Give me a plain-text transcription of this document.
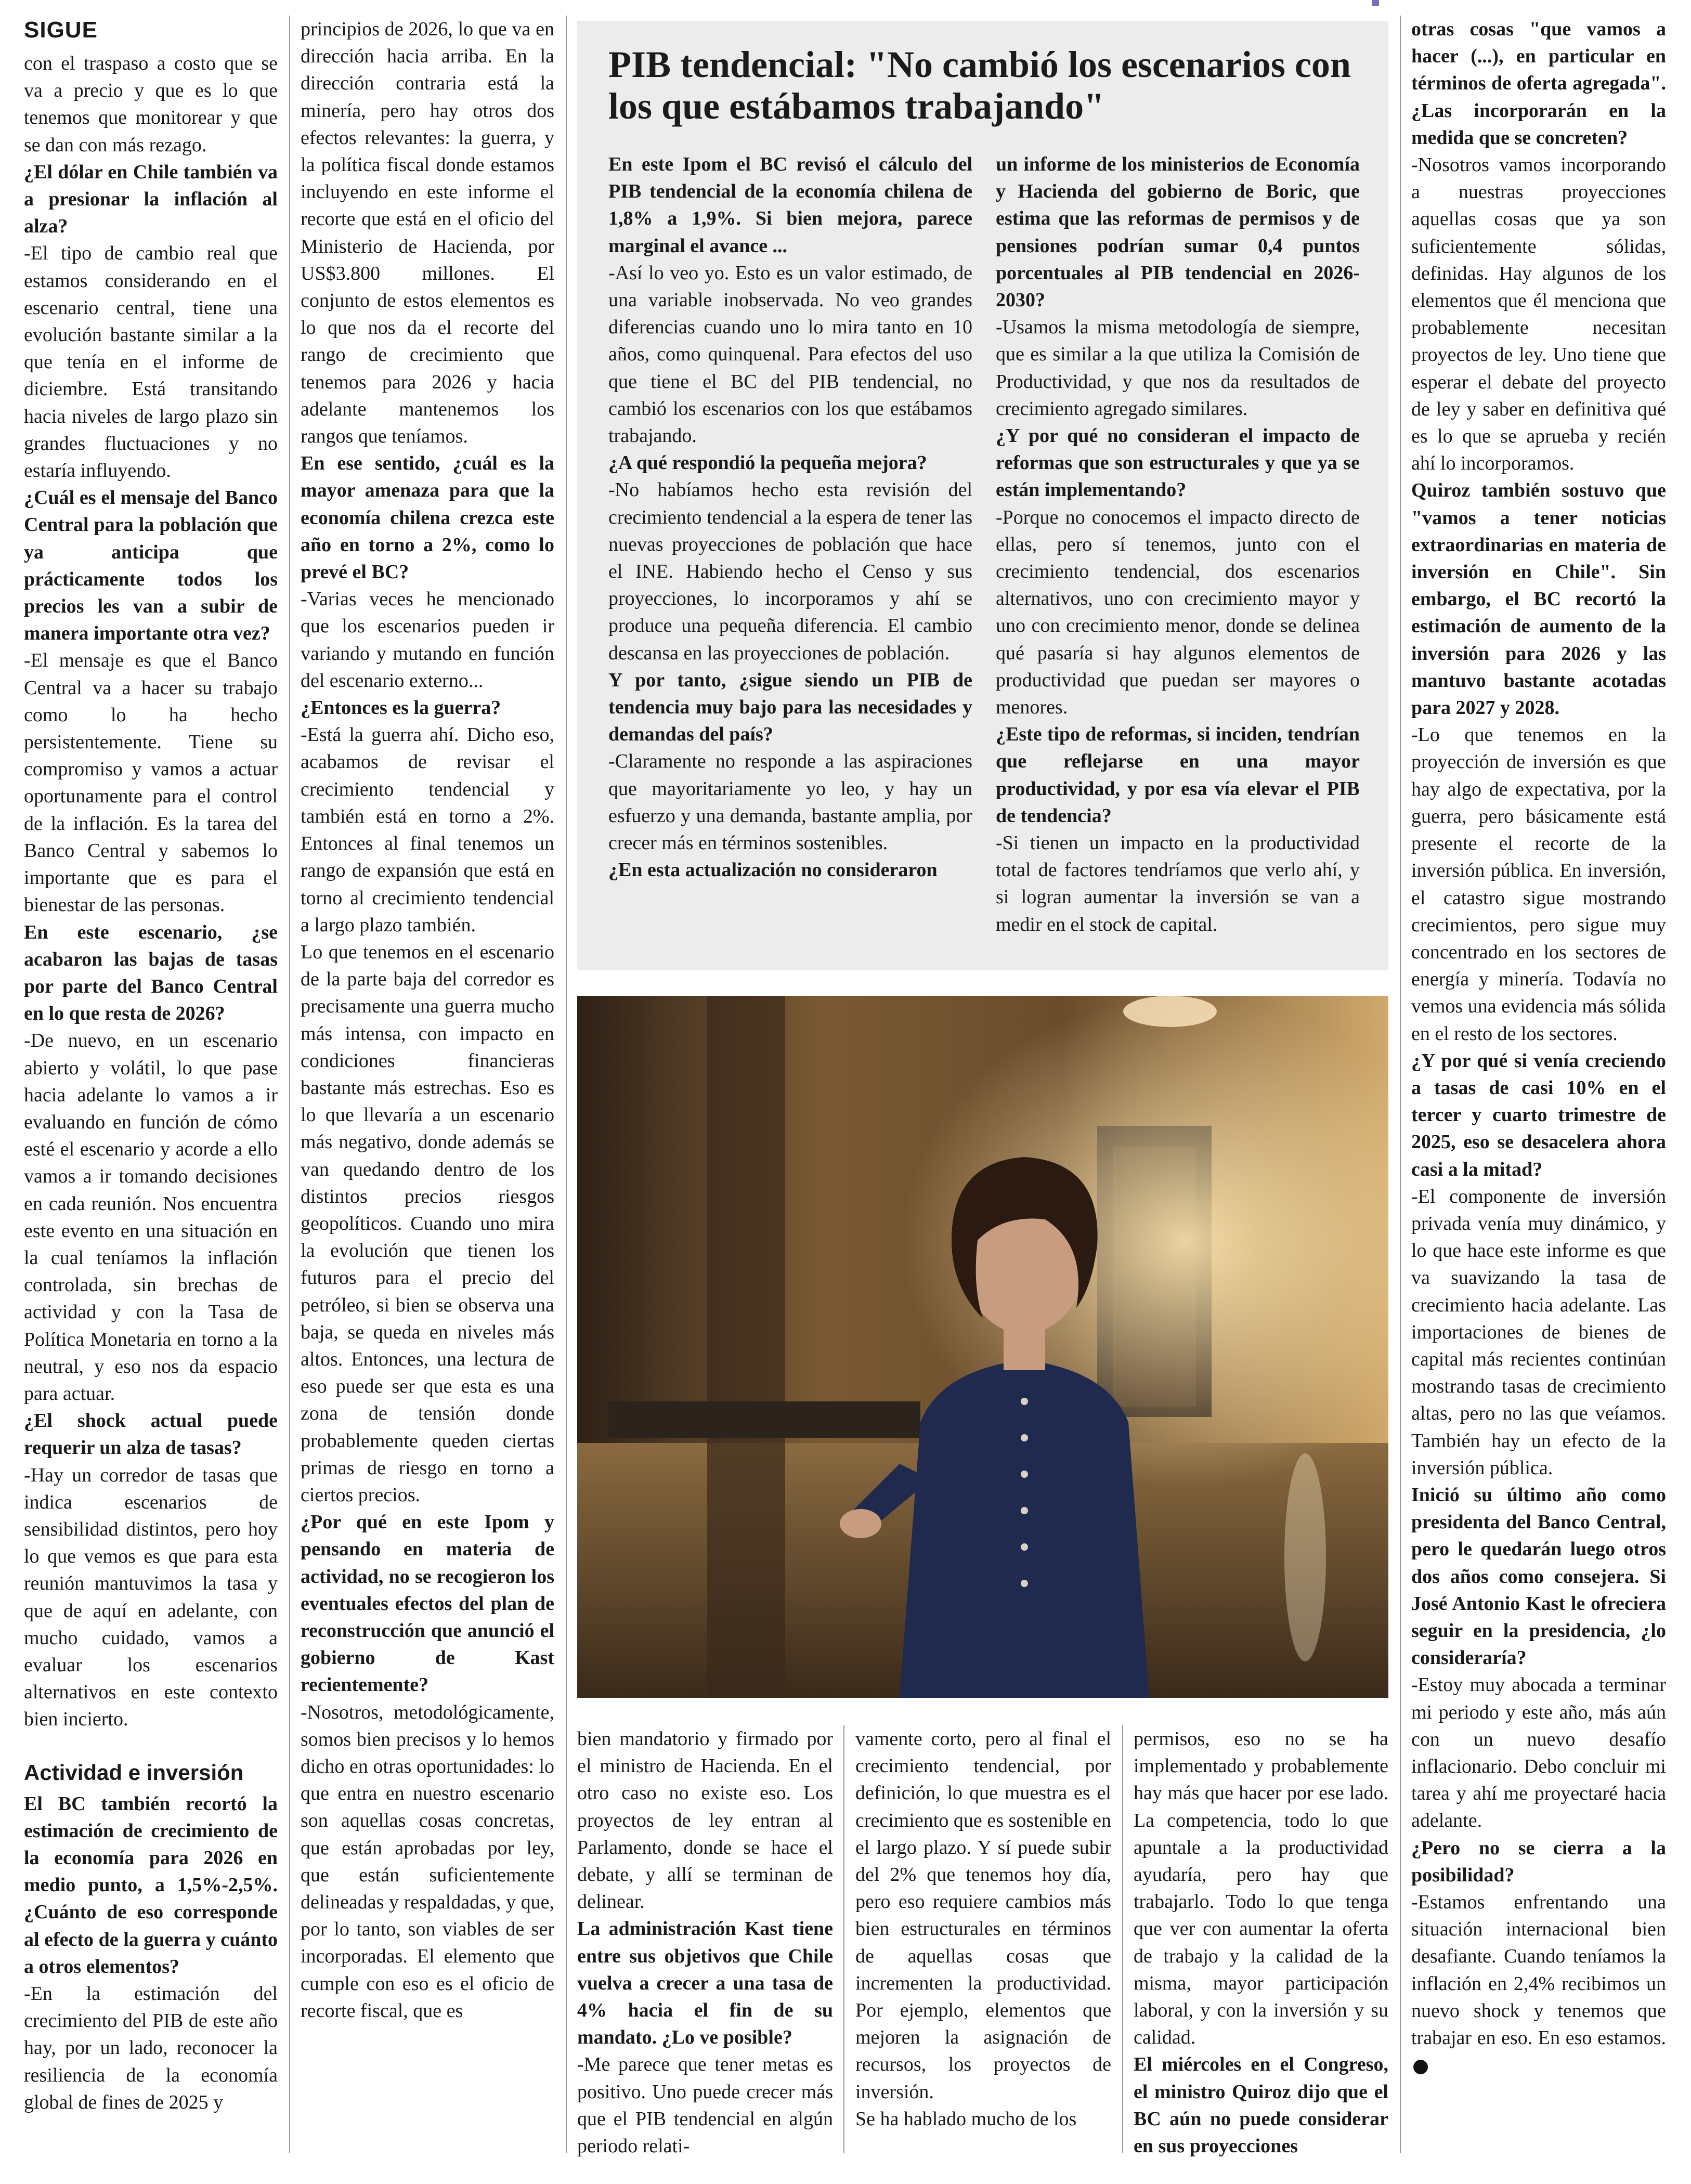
SIGUE

con el traspaso a costo que se va a precio y que es lo que tenemos que monitorear y que se dan con más rezago.

¿El dólar en Chile también va a presionar la inflación al alza?

-El tipo de cambio real que estamos considerando en el escenario central, tiene una evolución bastante similar a la que tenía en el informe de diciembre. Está transitando hacia niveles de largo plazo sin grandes fluctuaciones y no estaría influyendo.

¿Cuál es el mensaje del Banco Central para la población que ya anticipa que prácticamente todos los precios les van a subir de manera importante otra vez?

-El mensaje es que el Banco Central va a hacer su trabajo como lo ha hecho persistentemente. Tiene su compromiso y vamos a actuar oportunamente para el control de la inflación. Es la tarea del Banco Central y sabemos lo importante que es para el bienestar de las personas.

En este escenario, ¿se acabaron las bajas de tasas por parte del Banco Central en lo que resta de 2026?

-De nuevo, en un escenario abierto y volátil, lo que pase hacia adelante lo vamos a ir evaluando en función de cómo esté el escenario y acorde a ello vamos a ir tomando decisiones en cada reunión. Nos encuentra este evento en una situación en la cual teníamos la inflación controlada, sin brechas de actividad y con la Tasa de Política Monetaria en torno a la neutral, y eso nos da espacio para actuar.

¿El shock actual puede requerir un alza de tasas?

-Hay un corredor de tasas que indica escenarios de sensibilidad distintos, pero hoy lo que vemos es que para esta reunión mantuvimos la tasa y que de aquí en adelante, con mucho cuidado, vamos a evaluar los escenarios alternativos en este contexto bien incierto.

Actividad e inversión

El BC también recortó la estimación de crecimiento de la economía para 2026 en medio punto, a 1,5%-2,5%. ¿Cuánto de eso corresponde al efecto de la guerra y cuánto a otros elementos?

-En la estimación del crecimiento del PIB de este año hay, por un lado, reconocer la resiliencia de la economía global de fines de 2025 y

principios de 2026, lo que va en dirección hacia arriba. En la dirección contraria está la minería, pero hay otros dos efectos relevantes: la guerra, y la política fiscal donde estamos incluyendo en este informe el recorte que está en el oficio del Ministerio de Hacienda, por US$3.800 millones. El conjunto de estos elementos es lo que nos da el recorte del rango de crecimiento que tenemos para 2026 y hacia adelante mantenemos los rangos que teníamos.

En ese sentido, ¿cuál es la mayor amenaza para que la economía chilena crezca este año en torno a 2%, como lo prevé el BC?

-Varias veces he mencionado que los escenarios pueden ir variando y mutando en función del escenario externo...

¿Entonces es la guerra?

-Está la guerra ahí. Dicho eso, acabamos de revisar el crecimiento tendencial y también está en torno a 2%. Entonces al final tenemos un rango de expansión que está en torno al crecimiento tendencial a largo plazo también.

Lo que tenemos en el escenario de la parte baja del corredor es precisamente una guerra mucho más intensa, con impacto en condiciones financieras bastante más estrechas. Eso es lo que llevaría a un escenario más negativo, donde además se van quedando dentro de los distintos precios riesgos geopolíticos. Cuando uno mira la evolución que tienen los futuros para el precio del petróleo, si bien se observa una baja, se queda en niveles más altos. Entonces, una lectura de eso puede ser que esta es una zona de tensión donde probablemente queden ciertas primas de riesgo en torno a ciertos precios.

¿Por qué en este Ipom y pensando en materia de actividad, no se recogieron los eventuales efectos del plan de reconstrucción que anunció el gobierno de Kast recientemente?

-Nosotros, metodológicamente, somos bien precisos y lo hemos dicho en otras oportunidades: lo que entra en nuestro escenario son aquellas cosas concretas, que están aprobadas por ley, que están suficientemente delineadas y respaldadas, y que, por lo tanto, son viables de ser incorporadas. El elemento que cumple con eso es el oficio de recorte fiscal, que es

PIB tendencial: "No cambió los escenarios con los que estábamos trabajando"

En este Ipom el BC revisó el cálculo del PIB tendencial de la economía chilena de 1,8% a 1,9%. Si bien mejora, parece marginal el avance ...

-Así lo veo yo. Esto es un valor estimado, de una variable inobservada. No veo grandes diferencias cuando uno lo mira tanto en 10 años, como quinquenal. Para efectos del uso que tiene el BC del PIB tendencial, no cambió los escenarios con los que estábamos trabajando.

¿A qué respondió la pequeña mejora?

-No habíamos hecho esta revisión del crecimiento tendencial a la espera de tener las nuevas proyecciones de población que hace el INE. Habiendo hecho el Censo y sus proyecciones, lo incorporamos y ahí se produce una pequeña diferencia. El cambio descansa en las proyecciones de población.

Y por tanto, ¿sigue siendo un PIB de tendencia muy bajo para las necesidades y demandas del país?

-Claramente no responde a las aspiraciones que mayoritariamente yo leo, y hay un esfuerzo y una demanda, bastante amplia, por crecer más en términos sostenibles.

¿En esta actualización no consideraron

un informe de los ministerios de Economía y Hacienda del gobierno de Boric, que estima que las reformas de permisos y de pensiones podrían sumar 0,4 puntos porcentuales al PIB tendencial en 2026-2030?

-Usamos la misma metodología de siempre, que es similar a la que utiliza la Comisión de Productividad, y que nos da resultados de crecimiento agregado similares.

¿Y por qué no consideran el impacto de reformas que son estructurales y que ya se están implementando?

-Porque no conocemos el impacto directo de ellas, pero sí tenemos, junto con el crecimiento tendencial, dos escenarios alternativos, uno con crecimiento mayor y uno con crecimiento menor, donde se delinea qué pasaría si hay algunos elementos de productividad que puedan ser mayores o menores.

¿Este tipo de reformas, si inciden, tendrían que reflejarse en una mayor productividad, y por esa vía elevar el PIB de tendencia?

-Si tienen un impacto en la productividad total de factores tendríamos que verlo ahí, y si logran aumentar la inversión se van a medir en el stock de capital.

bien mandatorio y firmado por el ministro de Hacienda. En el otro caso no existe eso. Los proyectos de ley entran al Parlamento, donde se hace el debate, y allí se terminan de delinear.

La administración Kast tiene entre sus objetivos que Chile vuelva a crecer a una tasa de 4% hacia el fin de su mandato. ¿Lo ve posible?

-Me parece que tener metas es positivo. Uno puede crecer más que el PIB tendencial en algún periodo relati-

vamente corto, pero al final el crecimiento tendencial, por definición, lo que muestra es el crecimiento que es sostenible en el largo plazo. Y sí puede subir del 2% que tenemos hoy día, pero eso requiere cambios más bien estructurales en términos de aquellas cosas que incrementen la productividad. Por ejemplo, elementos que mejoren la asignación de recursos, los proyectos de inversión.

Se ha hablado mucho de los

permisos, eso no se ha implementado y probablemente hay más que hacer por ese lado. La competencia, todo lo que apuntale a la productividad ayudaría, pero hay que trabajarlo. Todo lo que tenga que ver con aumentar la oferta de trabajo y la calidad de la misma, mayor participación laboral, y con la inversión y su calidad.

El miércoles en el Congreso, el ministro Quiroz dijo que el BC aún no puede considerar en sus proyecciones

otras cosas "que vamos a hacer (...), en particular en términos de oferta agregada". ¿Las incorporarán en la medida que se concreten?

-Nosotros vamos incorporando a nuestras proyecciones aquellas cosas que ya son suficientemente sólidas, definidas. Hay algunos de los elementos que él menciona que probablemente necesitan proyectos de ley. Uno tiene que esperar el debate del proyecto de ley y saber en definitiva qué es lo que se aprueba y recién ahí lo incorporamos.

Quiroz también sostuvo que "vamos a tener noticias extraordinarias en materia de inversión en Chile". Sin embargo, el BC recortó la estimación de aumento de la inversión para 2026 y las mantuvo bastante acotadas para 2027 y 2028.

-Lo que tenemos en la proyección de inversión es que hay algo de expectativa, por la guerra, pero básicamente está presente el recorte de la inversión pública. En inversión, el catastro sigue mostrando crecimientos, pero sigue muy concentrado en los sectores de energía y minería. Todavía no vemos una evidencia más sólida en el resto de los sectores.

¿Y por qué si venía creciendo a tasas de casi 10% en el tercer y cuarto trimestre de 2025, eso se desacelera ahora casi a la mitad?

-El componente de inversión privada venía muy dinámico, y lo que hace este informe es que va suavizando la tasa de crecimiento hacia adelante. Las importaciones de bienes de capital más recientes continúan mostrando tasas de crecimiento altas, pero no las que veíamos. También hay un efecto de la inversión pública.

Inició su último año como presidenta del Banco Central, pero le quedarán luego otros dos años como consejera. Si José Antonio Kast le ofreciera seguir en la presidencia, ¿lo consideraría?

-Estoy muy abocada a terminar mi periodo y este año, más aún con un nuevo desafío inflacionario. Debo concluir mi tarea y ahí me proyectaré hacia adelante.

¿Pero no se cierra a la posibilidad?

-Estamos enfrentando una situación internacional bien desafiante. Cuando teníamos la inflación en 2,4% recibimos un nuevo shock y tenemos que trabajar en eso. En eso estamos.
